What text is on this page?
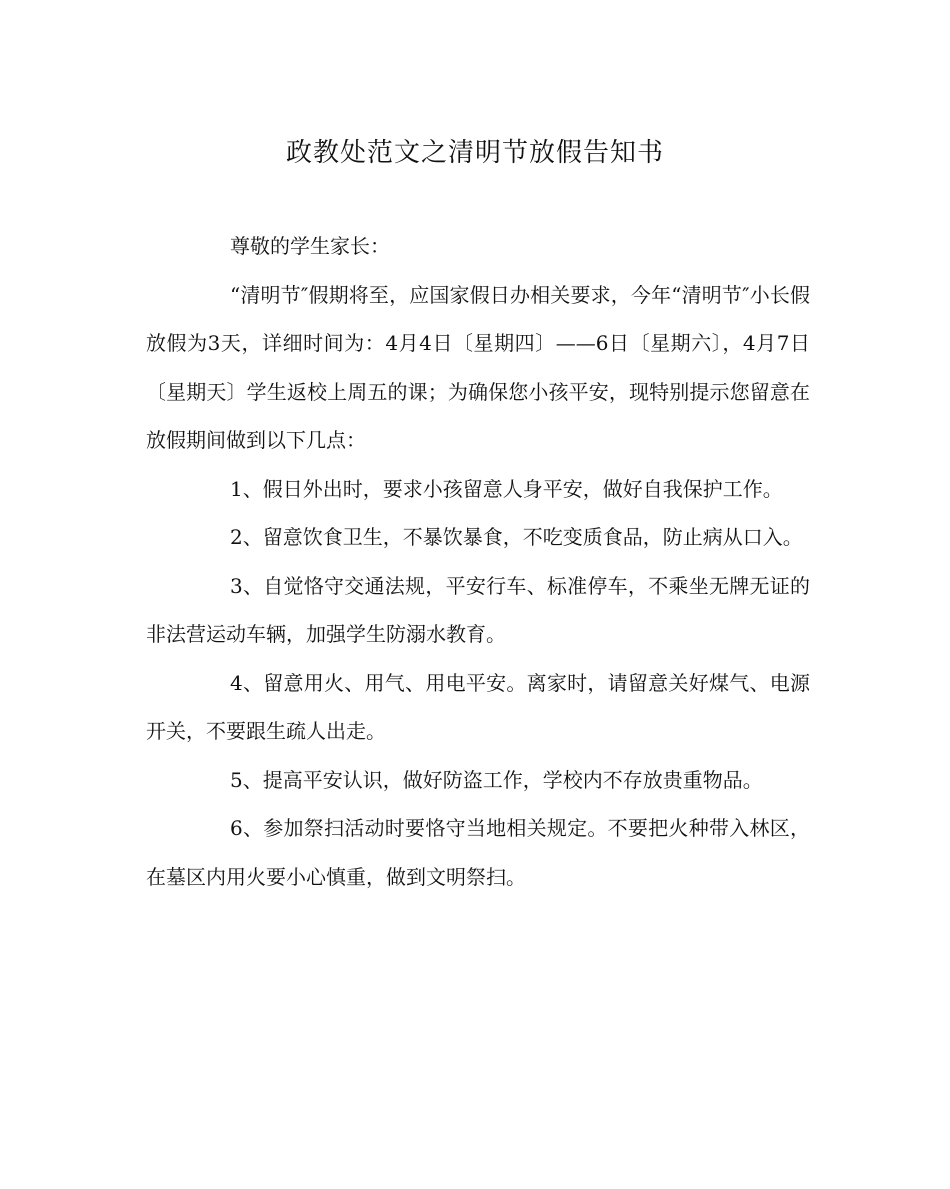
政教处范文之清明节放假告知书

尊敬的学生家长：

“清明节″假期将至，应国家假日办相关要求，今年“清明节″小长假放假为3天，详细时间为：4月4日〔星期四〕——6日〔星期六〕，4月7日〔星期天〕学生返校上周五的课；为确保您小孩平安，现特别提示您留意在放假期间做到以下几点：

1、假日外出时，要求小孩留意人身平安，做好自我保护工作。

2、留意饮食卫生，不暴饮暴食，不吃变质食品，防止病从口入。

3、自觉恪守交通法规，平安行车、标准停车，不乘坐无牌无证的非法营运动车辆，加强学生防溺水教育。

4、留意用火、用气、用电平安。离家时，请留意关好煤气、电源开关，不要跟生疏人出走。

5、提高平安认识，做好防盗工作，学校内不存放贵重物品。

6、参加祭扫活动时要恪守当地相关规定。不要把火种带入林区，在墓区内用火要小心慎重，做到文明祭扫。
